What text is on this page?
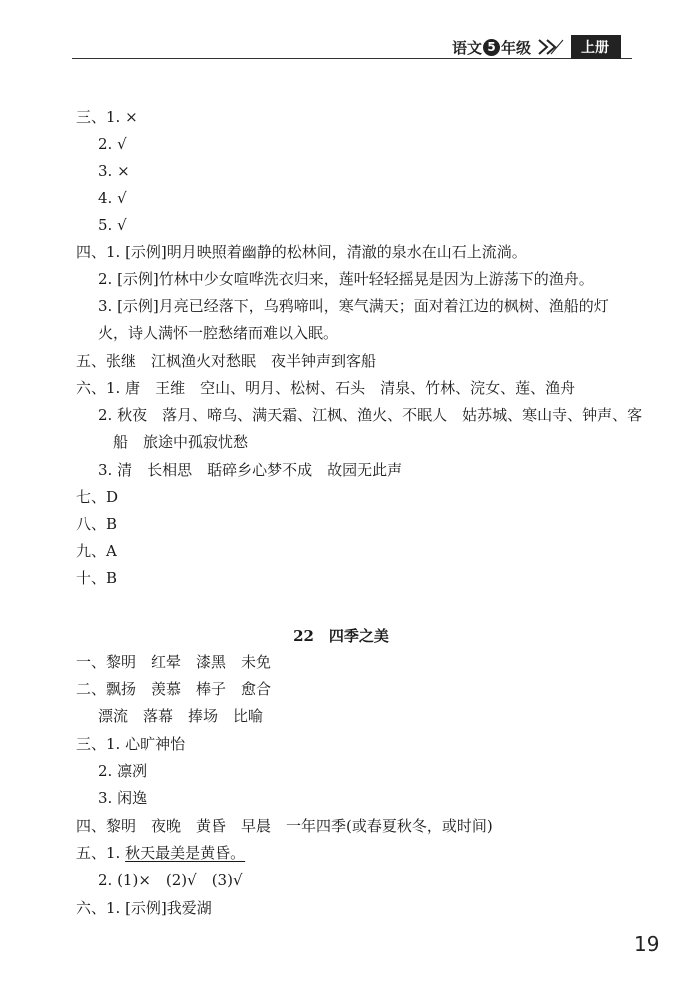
语文 5 年级	上册
22　四季之美
五、1. 秋天最美是黄昏。
三、1. ×
2. √
3. ×
4. √
5. √
四、1. [示例]明月映照着幽静的松林间，清澈的泉水在山石上流淌。
2. [示例]竹林中少女喧哗洗衣归来，莲叶轻轻摇晃是因为上游荡下的渔舟。
3. [示例]月亮已经落下，乌鸦啼叫，寒气满天；面对着江边的枫树、渔船的灯
火，诗人满怀一腔愁绪而难以入眠。
五、张继　江枫渔火对愁眠　夜半钟声到客船
六、1. 唐　王维　空山、明月、松树、石头　清泉、竹林、浣女、莲、渔舟
2. 秋夜　落月、啼乌、满天霜、江枫、渔火、不眠人　姑苏城、寒山寺、钟声、客
船　旅途中孤寂忧愁
3. 清　长相思　聒碎乡心梦不成　故园无此声
七、D
八、B
九、A
十、B
一、黎明　红晕　漆黑　未免
二、飘扬　羡慕　棒子　愈合
漂流　落幕　捧场　比喻
三、1. 心旷神怡
2. 凛冽
3. 闲逸
四、黎明　夜晚　黄昏　早晨　一年四季(或春夏秋冬，或时间)
2. (1)×　(2)√　(3)√
六、1. [示例]我爱湖
19
